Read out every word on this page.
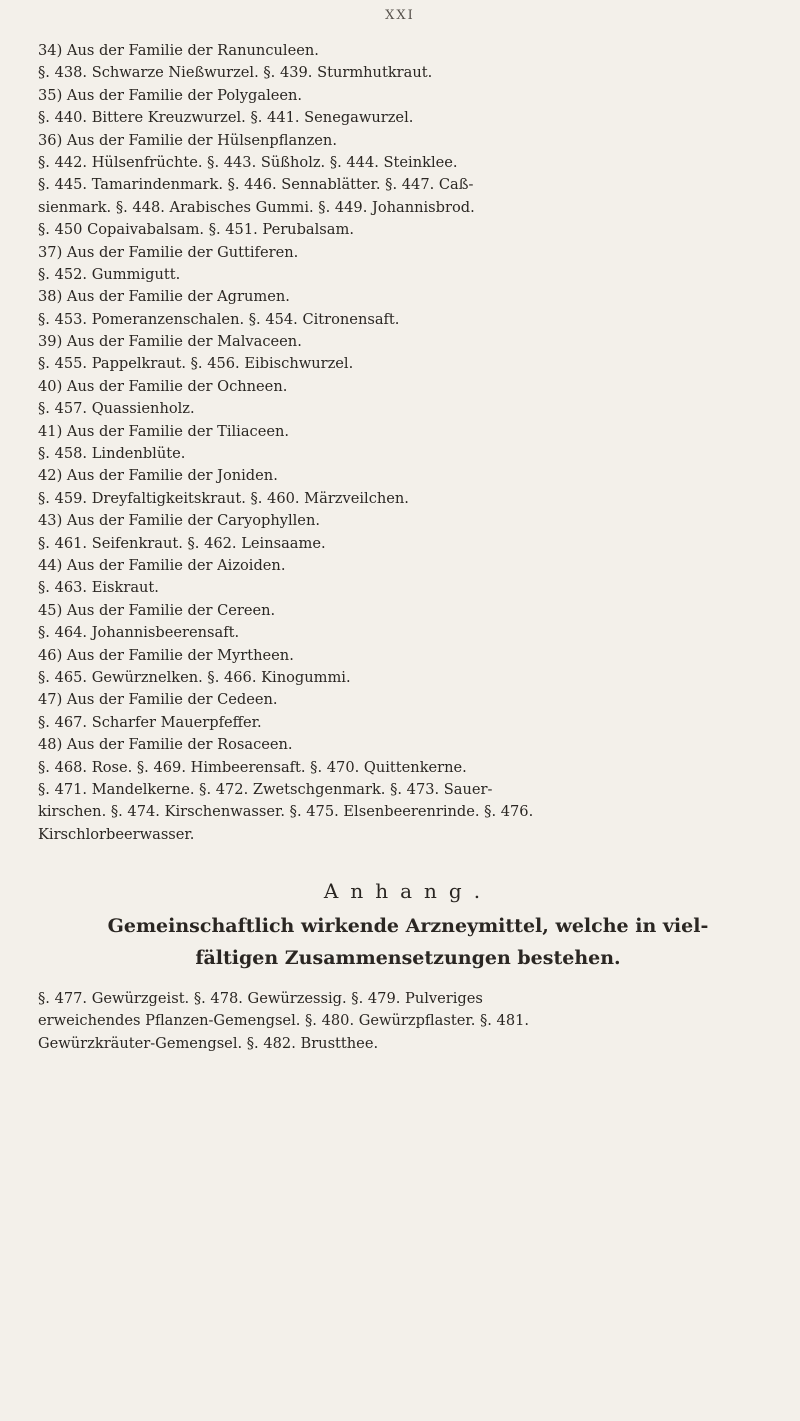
XXI
34) Aus der Familie der Ranunculeen.
§. 438. Schwarze Nießwurzel. §. 439. Sturmhutkraut.
35) Aus der Familie der Polygaleen.
§. 440. Bittere Kreuzwurzel. §. 441. Senegawurzel.
36) Aus der Familie der Hülsenpflanzen.
§. 442. Hülsenfrüchte. §. 443. Süßholz. §. 444. Steinklee.
§. 445. Tamarindenmark. §. 446. Sennablätter. §. 447. Caß-
sienmark. §. 448. Arabisches Gummi. §. 449. Johannisbrod.
§. 450 Copaivabalsam. §. 451. Perubalsam.
37) Aus der Familie der Guttiferen.
§. 452. Gummigutt.
38) Aus der Familie der Agrumen.
§. 453. Pomeranzenschalen. §. 454. Citronensaft.
39) Aus der Familie der Malvaceen.
§. 455. Pappelkraut. §. 456. Eibischwurzel.
40) Aus der Familie der Ochneen.
§. 457. Quassienholz.
41) Aus der Familie der Tiliaceen.
§. 458. Lindenblüte.
42) Aus der Familie der Joniden.
§. 459. Dreyfaltigkeitskraut. §. 460. Märzveilchen.
43) Aus der Familie der Caryophyllen.
§. 461. Seifenkraut. §. 462. Leinsaame.
44) Aus der Familie der Aizoiden.
§. 463. Eiskraut.
45) Aus der Familie der Cereen.
§. 464. Johannisbeerensaft.
46) Aus der Familie der Myrtheen.
§. 465. Gewürznelken. §. 466. Kinogummi.
47) Aus der Familie der Cedeen.
§. 467. Scharfer Mauerpfeffer.
48) Aus der Familie der Rosaceen.
§. 468. Rose. §. 469. Himbeerensaft. §. 470. Quittenkerne.
§. 471. Mandelkerne. §. 472. Zwetschgenmark. §. 473. Sauer-
kirschen. §. 474. Kirschenwasser. §. 475. Elsenbeerenrinde. §. 476.
Kirschlorbeerwasser.
Anhang.
Gemeinschaftlich wirkende Arzneymittel, welche in viel-
fältigen Zusammensetzungen bestehen.
§. 477. Gewürzgeist. §. 478. Gewürzessig. §. 479. Pulveriges
erweichendes Pflanzen-Gemengsel. §. 480. Gewürzpflaster. §. 481.
Gewürzkräuter-Gemengsel. §. 482. Brustthee.
